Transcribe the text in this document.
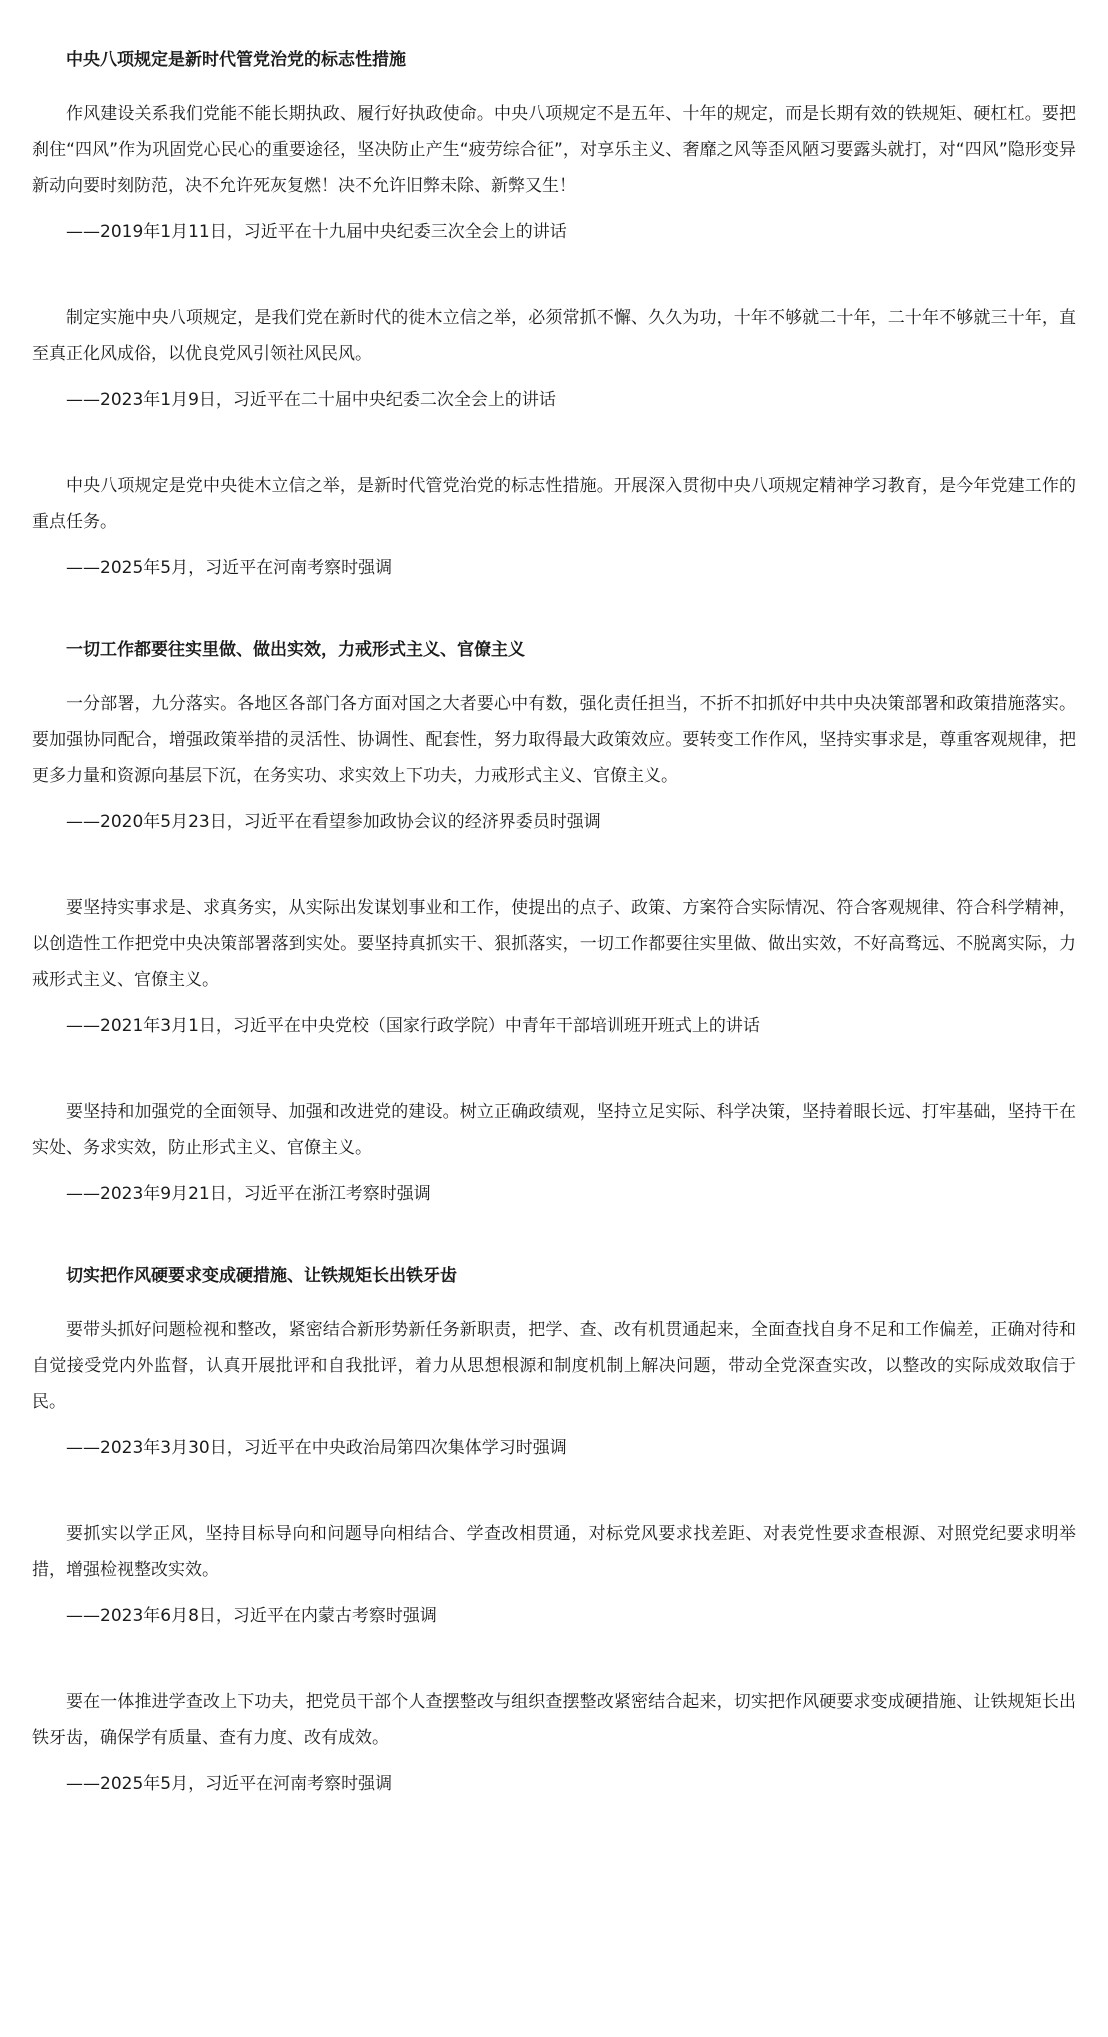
中央八项规定是新时代管党治党的标志性措施

作风建设关系我们党能不能长期执政、履行好执政使命。中央八项规定不是五年、十年的规定，而是长期有效的铁规矩、硬杠杠。要把刹住“四风”作为巩固党心民心的重要途径，坚决防止产生“疲劳综合征”，对享乐主义、奢靡之风等歪风陋习要露头就打，对“四风”隐形变异新动向要时刻防范，决不允许死灰复燃！决不允许旧弊未除、新弊又生！

——2019年1月11日，习近平在十九届中央纪委三次全会上的讲话

制定实施中央八项规定，是我们党在新时代的徙木立信之举，必须常抓不懈、久久为功，十年不够就二十年，二十年不够就三十年，直至真正化风成俗，以优良党风引领社风民风。

——2023年1月9日，习近平在二十届中央纪委二次全会上的讲话

中央八项规定是党中央徙木立信之举，是新时代管党治党的标志性措施。开展深入贯彻中央八项规定精神学习教育，是今年党建工作的重点任务。

——2025年5月，习近平在河南考察时强调

一切工作都要往实里做、做出实效，力戒形式主义、官僚主义

一分部署，九分落实。各地区各部门各方面对国之大者要心中有数，强化责任担当，不折不扣抓好中共中央决策部署和政策措施落实。要加强协同配合，增强政策举措的灵活性、协调性、配套性，努力取得最大政策效应。要转变工作作风，坚持实事求是，尊重客观规律，把更多力量和资源向基层下沉，在务实功、求实效上下功夫，力戒形式主义、官僚主义。

——2020年5月23日，习近平在看望参加政协会议的经济界委员时强调

要坚持实事求是、求真务实，从实际出发谋划事业和工作，使提出的点子、政策、方案符合实际情况、符合客观规律、符合科学精神，以创造性工作把党中央决策部署落到实处。要坚持真抓实干、狠抓落实，一切工作都要往实里做、做出实效，不好高骛远、不脱离实际，力戒形式主义、官僚主义。

——2021年3月1日，习近平在中央党校（国家行政学院）中青年干部培训班开班式上的讲话

要坚持和加强党的全面领导、加强和改进党的建设。树立正确政绩观，坚持立足实际、科学决策，坚持着眼长远、打牢基础，坚持干在实处、务求实效，防止形式主义、官僚主义。

——2023年9月21日，习近平在浙江考察时强调

切实把作风硬要求变成硬措施、让铁规矩长出铁牙齿

要带头抓好问题检视和整改，紧密结合新形势新任务新职责，把学、查、改有机贯通起来，全面查找自身不足和工作偏差，正确对待和自觉接受党内外监督，认真开展批评和自我批评，着力从思想根源和制度机制上解决问题，带动全党深查实改，以整改的实际成效取信于民。

——2023年3月30日，习近平在中央政治局第四次集体学习时强调

要抓实以学正风，坚持目标导向和问题导向相结合、学查改相贯通，对标党风要求找差距、对表党性要求查根源、对照党纪要求明举措，增强检视整改实效。

——2023年6月8日，习近平在内蒙古考察时强调

要在一体推进学查改上下功夫，把党员干部个人查摆整改与组织查摆整改紧密结合起来，切实把作风硬要求变成硬措施、让铁规矩长出铁牙齿，确保学有质量、查有力度、改有成效。

——2025年5月，习近平在河南考察时强调
